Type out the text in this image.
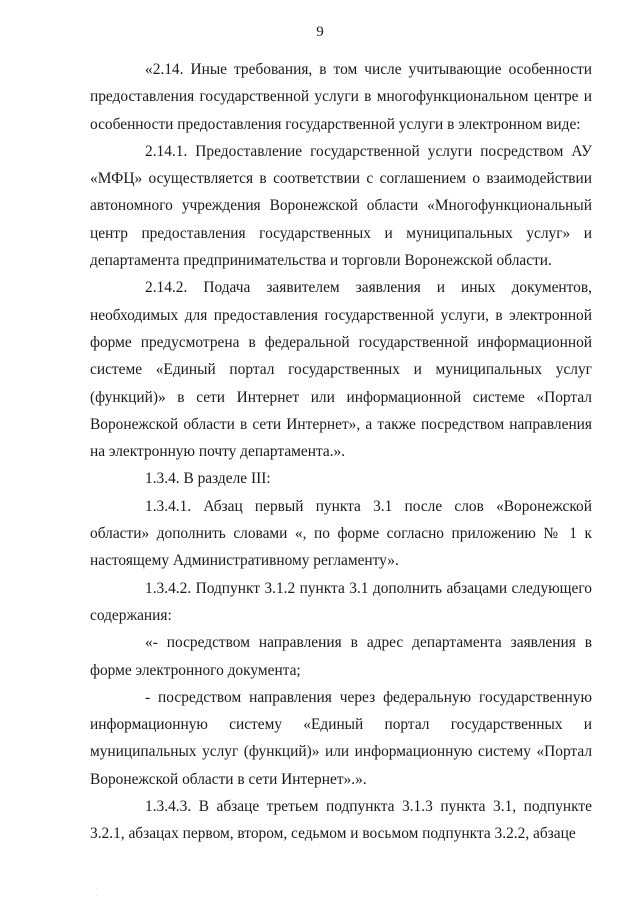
9

«2.14. Иные требования, в том числе учитывающие особенности предоставления государственной услуги в многофункциональном центре и особенности предоставления государственной услуги в электронном виде:

2.14.1. Предоставление государственной услуги посредством АУ «МФЦ» осуществляется в соответствии с соглашением о взаимодействии автономного учреждения Воронежской области «Многофункциональный центр предоставления государственных и муниципальных услуг» и департамента предпринимательства и торговли Воронежской области.

2.14.2. Подача заявителем заявления и иных документов, необходимых для предоставления государственной услуги, в электронной форме предусмотрена в федеральной государственной информационной системе «Единый портал государственных и муниципальных услуг (функций)» в сети Интернет или информационной системе «Портал Воронежской области в сети Интернет», а также посредством направления на электронную почту департамента.».

1.3.4. В разделе III:

1.3.4.1. Абзац первый пункта 3.1 после слов «Воронежской области» дополнить словами «, по форме согласно приложению № 1 к настоящему Административному регламенту».

1.3.4.2. Подпункт 3.1.2 пункта 3.1 дополнить абзацами следующего содержания:

«- посредством направления в адрес департамента заявления в форме электронного документа;

- посредством направления через федеральную государственную информационную систему «Единый портал государственных и муниципальных услуг (функций)» или информационную систему «Портал Воронежской области в сети Интернет».».

1.3.4.3. В абзаце третьем подпункта 3.1.3 пункта 3.1, подпункте 3.2.1, абзацах первом, втором, седьмом и восьмом подпункта 3.2.2, абзаце

· ·
